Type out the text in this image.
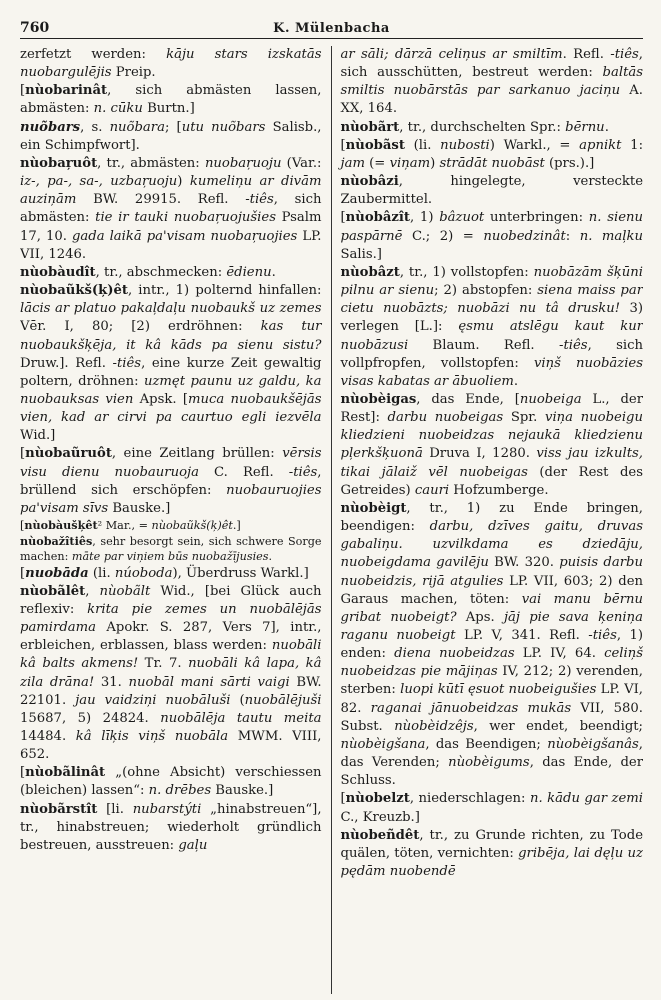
760	K. Mülenbacha

zerfetzt werden: kāju stars izskatās nuobargulējis Preip.

[nùobarinât, sich abmästen lassen, abmästen: n. cūku Burtn.]

nuõbars, s. nuõbara; [utu nuõbars Salisb., ein Schimpfwort].

nùobaŗuôt, tr., abmästen: nuobaŗuoju (Var.: iz-, pa-, sa-, uzbaŗuoju) kumeliņu ar divām auziņām BW. 29915. Refl. -tiês, sich abmästen: tie ir tauki nuobaŗuojušies Psalm 17, 10. gada laikā pa'visam nuobaŗuojies LP. VII, 1246.

nùobàudît, tr., abschmecken: ēdienu.

nùobaũkš(ķ)êt, intr., 1) polternd hinfallen: lācis ar platuo pakaļdaļu nuobaukš uz zemes Vēr. I, 80; [2) erdröhnen: kas tur nuobaukšķēja, it kâ kāds pa sienu sistu? Druw.]. Refl. -tiês, eine kurze Zeit gewaltig poltern, dröhnen: uzmęt paunu uz galdu, ka nuobauksas vien Apsk. [muca nuobaukšējās vien, kad ar cirvi pa caurtuo egli iezvēla Wid.]

[nùobaũruôt, eine Zeitlang brüllen: vērsis visu dienu nuobauruoja C. Refl. -tiês, brüllend sich erschöpfen: nuobauruojies pa'visam sīvs Bauske.]

[nùobàušķêt² Mar., = nùobaũkš(ķ)êt.]

nùobažîtiês, sehr besorgt sein, sich schwere Sorge machen: māte par viņiem būs nuobažījusies.

[nuobāda (li. núoboda), Überdruss Warkl.]

nùobãlêt, nùobãlt Wid., [bei Glück auch reflexiv: krita pie zemes un nuobālējās pamirdama Apokr. S. 287, Vers 7], intr., erbleichen, erblassen, blass werden: nuobāli kâ balts akmens! Tr. 7. nuobāli kâ lapa, kâ zila drāna! 31. nuobāl mani sārti vaigi BW. 22101. jau vaidziņi nuobāluši (nuobālējuši 15687, 5) 24824. nuobālēja tautu meita 14484. kâ līķis viņš nuobāla MWM. VIII, 652.

[nùobãlinât „(ohne Absicht) verschiessen (bleichen) lassen“: n. drēbes Bauske.]

nùobãrstît [li. nubarstýti „hinabstreuen“], tr., hinabstreuen; wiederholt gründlich bestreuen, ausstreuen: gaļu

ar sāli; dārzā celiņus ar smiltīm. Refl. -tiês, sich ausschütten, bestreut werden: baltās smiltis nuobārstās par sarkanuo jaciņu A. XX, 164.

nùobãrt, tr., durchschelten Spr.: bērnu.

[nùobãst (li. nubosti) Warkl., = apnikt 1: jam (= viņam) strādāt nuobāst (prs.).]

nùobâzi, hingelegte, versteckte Zaubermittel.

[nùobâzît, 1) bâzuot unterbringen: n. sienu paspārnē C.; 2) = nuobedzinât: n. maļku Salis.]

nùobâzt, tr., 1) vollstopfen: nuobāzām šķūni pilnu ar sienu; 2) abstopfen: siena maiss par cietu nuobāzts; nuobāzi nu tâ drusku! 3) verlegen [L.]: ęsmu atslēgu kaut kur nuobāzusi Blaum. Refl. -tiês, sich vollpfropfen, vollstopfen: viņš nuobāzies visas kabatas ar ābuoliem.

nùobèigas, das Ende, [nuobeiga L., der Rest]: darbu nuobeigas Spr. viņa nuobeigu kliedzieni nuobeidzas nejaukā kliedzienu pļerkšķuonā Druva I, 1280. viss jau izkults, tikai jālaiž vēl nuobeigas (der Rest des Getreides) cauri Hofzumberge.

nùobèigt, tr., 1) zu Ende bringen, beendigen: darbu, dzīves gaitu, druvas gabaliņu. uzvilkdama es dziedāju, nuobeigdama gavilēju BW. 320. puisis darbu nuobeidzis, rijā atgulies LP. VII, 603; 2) den Garaus machen, töten: vai manu bērnu gribat nuobeigt? Aps. jāj pie sava ķeniņa raganu nuobeigt LP. V, 341. Refl. -tiês, 1) enden: diena nuobeidzas LP. IV, 64. celiņš nuobeidzas pie mājiņas IV, 212; 2) verenden, sterben: luopi kūtī ęsuot nuobeigušies LP. VI, 82. raganai jānuobeidzas mukās VII, 580. Subst. nùobèidzêjs, wer endet, beendigt; nùobèigšana, das Beendigen; nùobèigšanâs, das Verenden; nùobèigums, das Ende, der Schluss.

[nùobelzt, niederschlagen: n. kādu gar zemi C., Kreuzb.]

nùobeñdêt, tr., zu Grunde richten, zu Tode quälen, töten, vernichten: gribēja, lai dęļu uz pędām nuobendē
